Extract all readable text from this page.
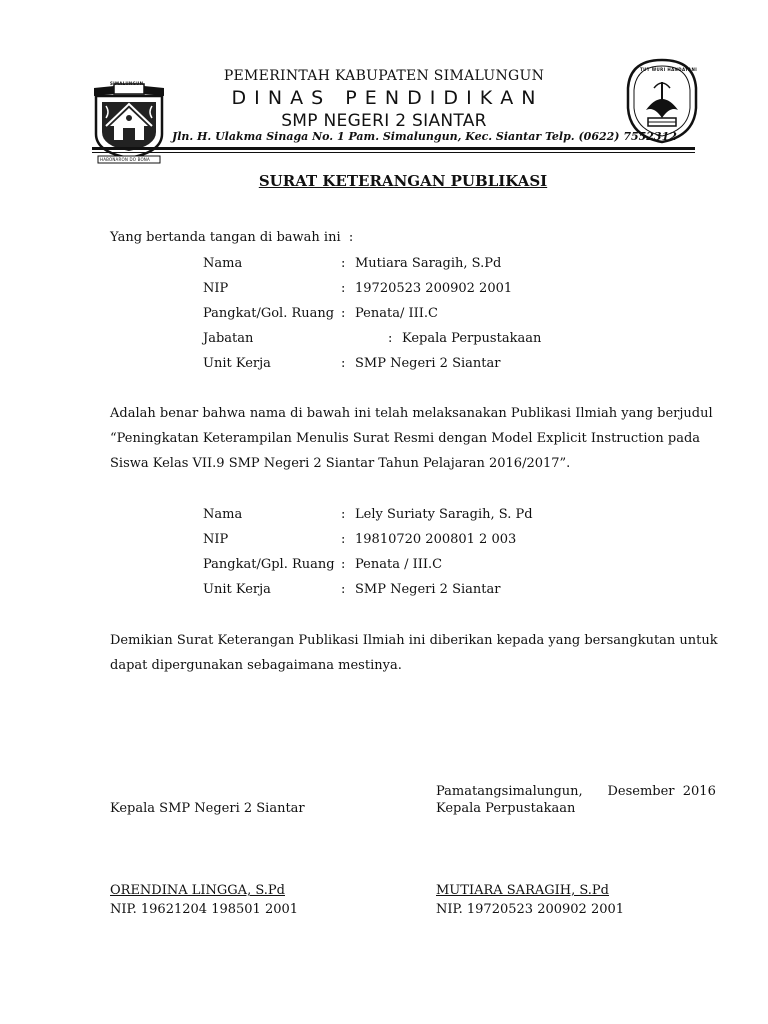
SIMALUNGUN
HABONARON DO BONA
TUT WURI HANDAYANI
PEMERINTAH KABUPATEN SIMALUNGUN
D I N A S   P E N D I D I K A N
SMP NEGERI 2 SIANTAR
Jln. H. Ulakma Sinaga No. 1 Pam. Simalungun, Kec. Siantar Telp. (0622) 7552312
SURAT KETERANGAN PUBLIKASI
Yang bertanda tangan di bawah ini  :
Nama	: Mutiara Saragih, S.Pd
NIP	: 19720523 200902 2001
Pangkat/Gol. Ruang : Penata/ III.C
Jabatan	: Kepala Perpustakaan
Unit Kerja	: SMP Negeri 2 Siantar
Adalah benar bahwa nama di bawah ini telah melaksanakan Publikasi Ilmiah yang berjudul
“Peningkatan Keterampilan Menulis Surat Resmi dengan Model Explicit Instruction pada
Siswa Kelas VII.9 SMP Negeri 2 Siantar Tahun Pelajaran 2016/2017”.
Nama	: Lely Suriaty Saragih, S. Pd
NIP	: 19810720 200801 2 003
Pangkat/Gpl. Ruang : Penata / III.C
Unit Kerja	: SMP Negeri 2 Siantar
Demikian Surat Keterangan Publikasi Ilmiah ini diberikan kepada yang bersangkutan untuk
dapat dipergunakan sebagaimana mestinya.
Pamatangsimalungun,      Desember  2016
Kepala SMP Negeri 2 Siantar	Kepala Perpustakaan
ORENDINA LINGGA, S.Pd	MUTIARA SARAGIH, S.Pd
NIP. 19621204 198501 2001	NIP. 19720523 200902 2001
